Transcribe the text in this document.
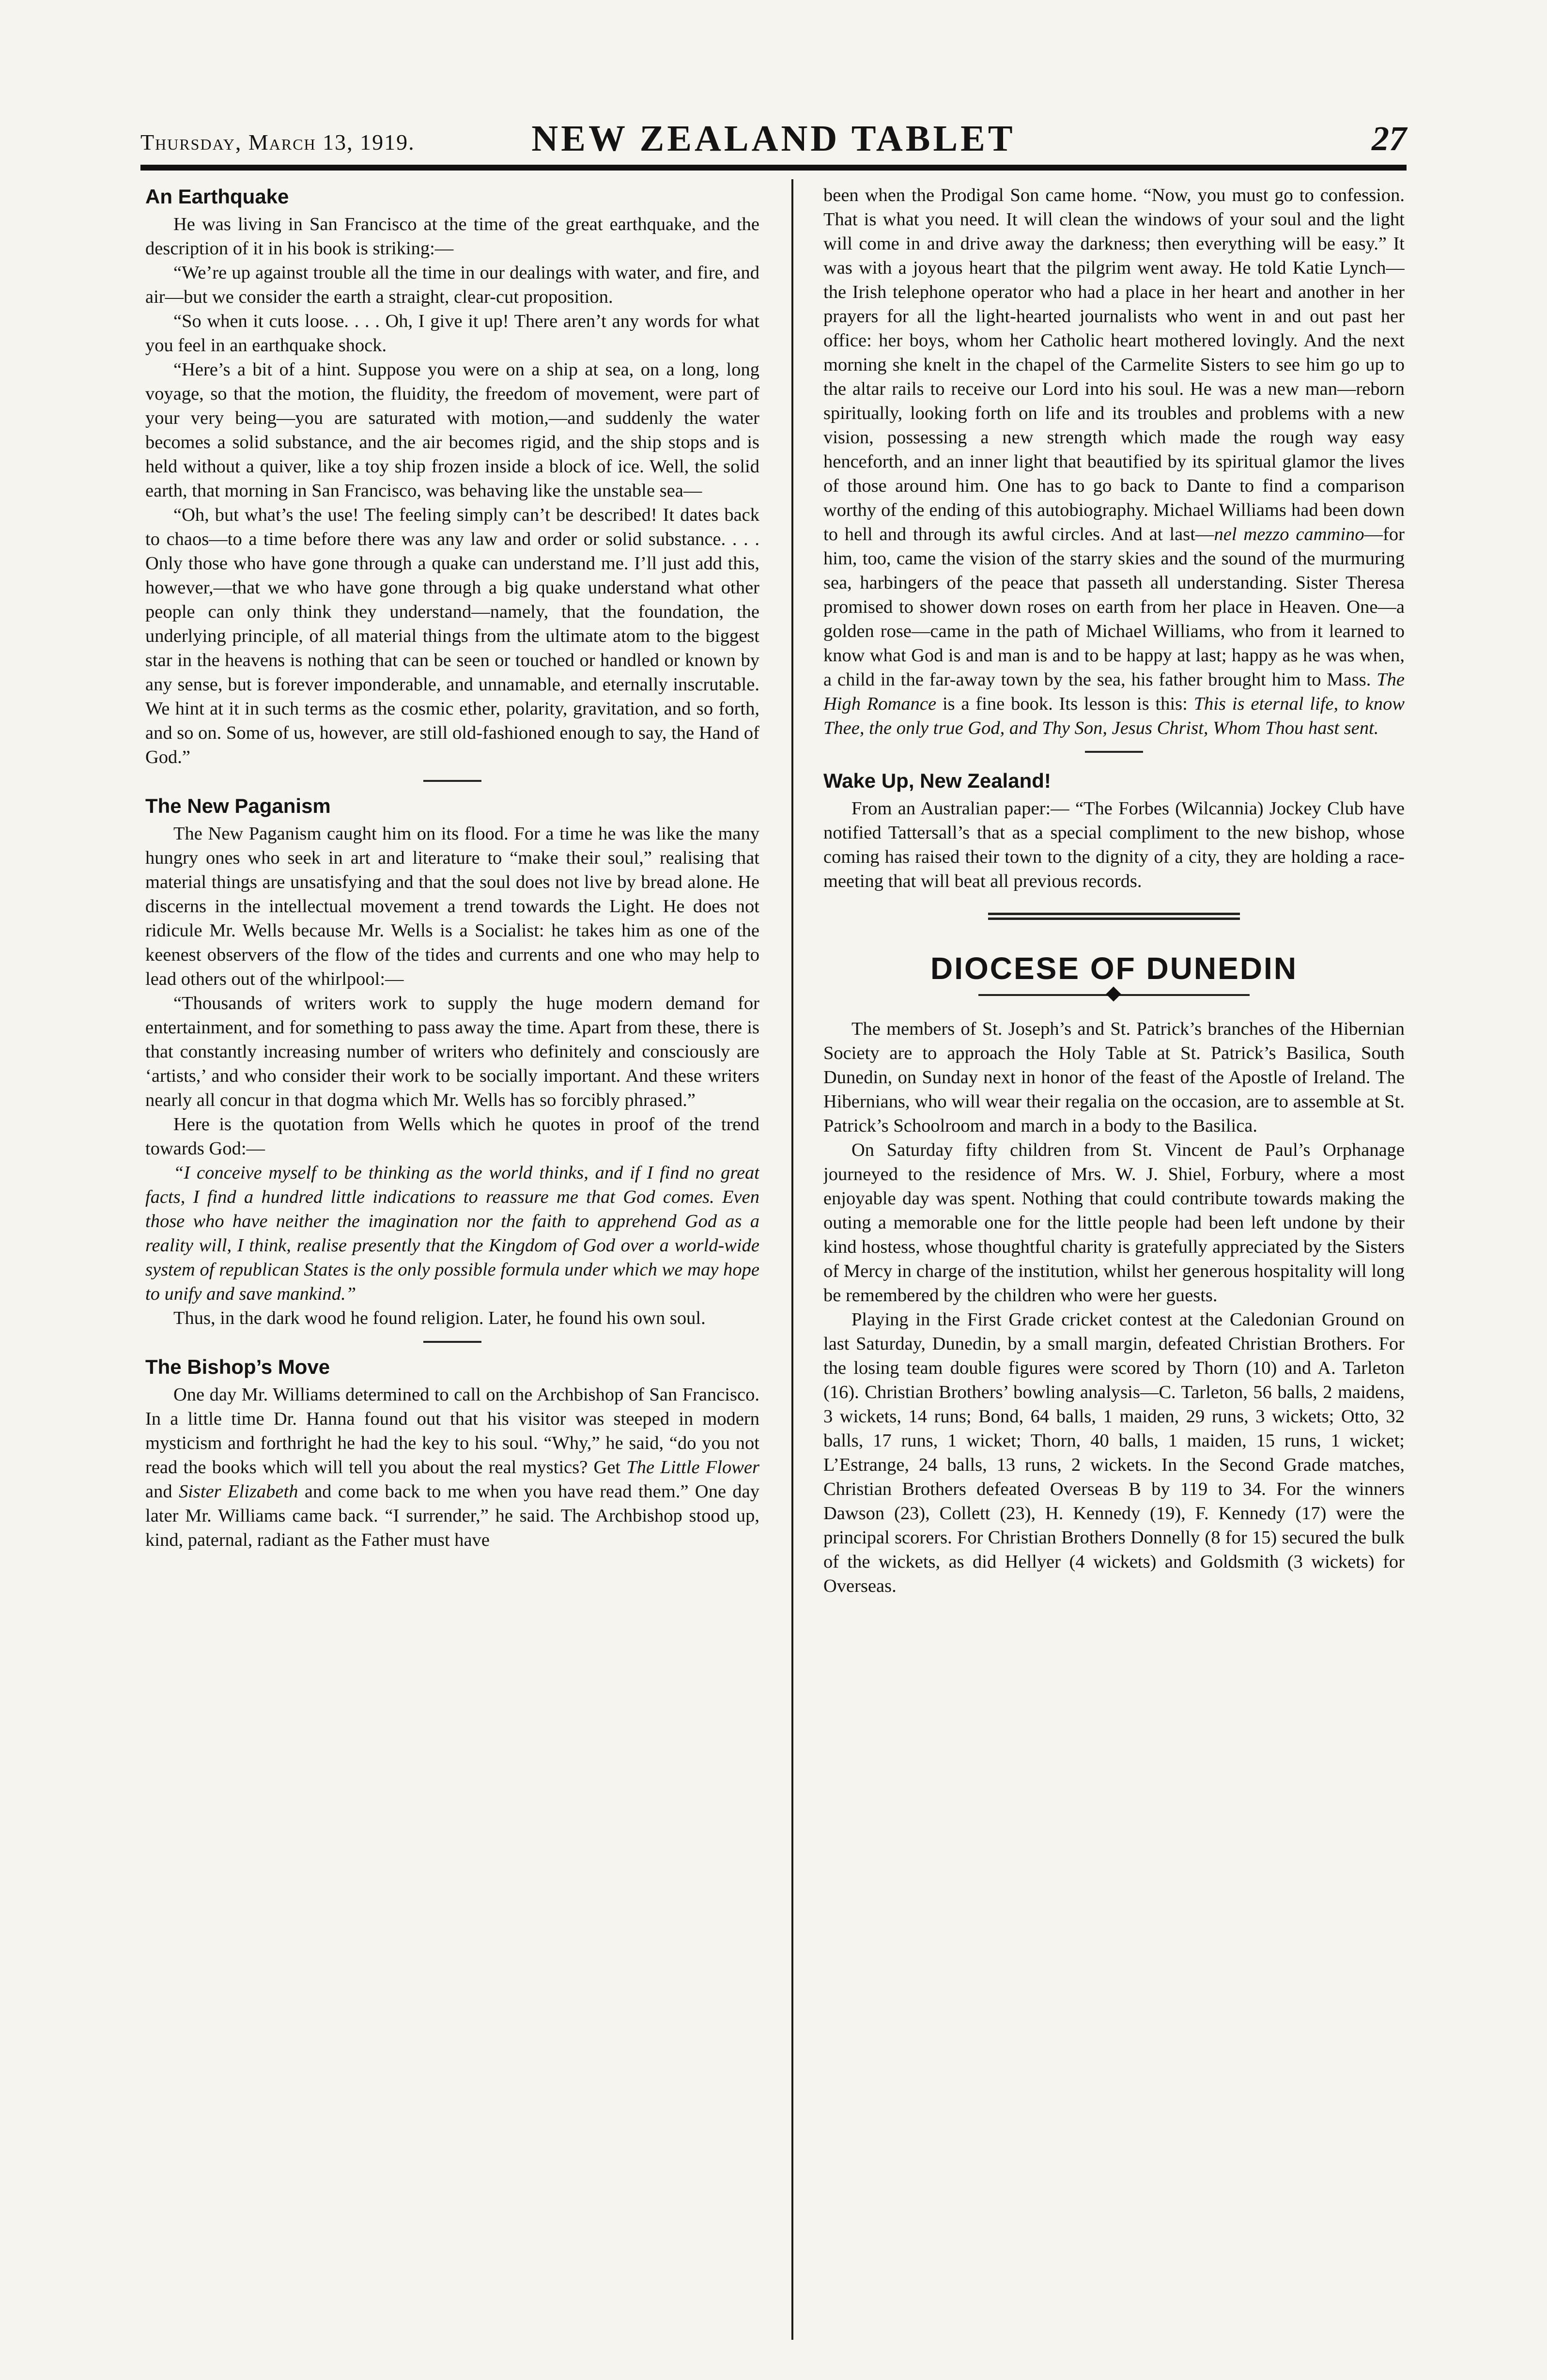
Thursday, March 13, 1919.	NEW ZEALAND TABLET	27
An Earthquake

He was living in San Francisco at the time of the great earthquake, and the description of it in his book is striking:—

“We’re up against trouble all the time in our dealings with water, and fire, and air—but we consider the earth a straight, clear-cut proposition.

“So when it cuts loose. . . . Oh, I give it up! There aren’t any words for what you feel in an earthquake shock.

“Here’s a bit of a hint. Suppose you were on a ship at sea, on a long, long voyage, so that the motion, the fluidity, the freedom of movement, were part of your very being—you are saturated with motion,—and suddenly the water becomes a solid substance, and the air becomes rigid, and the ship stops and is held without a quiver, like a toy ship frozen inside a block of ice. Well, the solid earth, that morning in San Francisco, was behaving like the unstable sea—

“Oh, but what’s the use! The feeling simply can’t be described! It dates back to chaos—to a time before there was any law and order or solid substance. . . . Only those who have gone through a quake can understand me. I’ll just add this, however,—that we who have gone through a big quake understand what other people can only think they understand—namely, that the foundation, the underlying principle, of all material things from the ultimate atom to the biggest star in the heavens is nothing that can be seen or touched or handled or known by any sense, but is forever imponderable, and unnamable, and eternally inscrutable. We hint at it in such terms as the cosmic ether, polarity, gravitation, and so forth, and so on. Some of us, however, are still old-fashioned enough to say, the Hand of God.”

The New Paganism

The New Paganism caught him on its flood. For a time he was like the many hungry ones who seek in art and literature to “make their soul,” realising that material things are unsatisfying and that the soul does not live by bread alone. He discerns in the intellectual movement a trend towards the Light. He does not ridicule Mr. Wells because Mr. Wells is a Socialist: he takes him as one of the keenest observers of the flow of the tides and currents and one who may help to lead others out of the whirlpool:—

“Thousands of writers work to supply the huge modern demand for entertainment, and for something to pass away the time. Apart from these, there is that constantly increasing number of writers who definitely and consciously are ‘artists,’ and who consider their work to be socially important. And these writers nearly all concur in that dogma which Mr. Wells has so forcibly phrased.”

Here is the quotation from Wells which he quotes in proof of the trend towards God:—

“I conceive myself to be thinking as the world thinks, and if I find no great facts, I find a hundred little indications to reassure me that God comes. Even those who have neither the imagination nor the faith to apprehend God as a reality will, I think, realise presently that the Kingdom of God over a world-wide system of republican States is the only possible formula under which we may hope to unify and save mankind.”

Thus, in the dark wood he found religion. Later, he found his own soul.

The Bishop’s Move

One day Mr. Williams determined to call on the Archbishop of San Francisco. In a little time Dr. Hanna found out that his visitor was steeped in modern mysticism and forthright he had the key to his soul. “Why,” he said, “do you not read the books which will tell you about the real mystics? Get The Little Flower and Sister Elizabeth and come back to me when you have read them.” One day later Mr. Williams came back. “I surrender,” he said. The Archbishop stood up, kind, paternal, radiant as the Father must have

been when the Prodigal Son came home. “Now, you must go to confession. That is what you need. It will clean the windows of your soul and the light will come in and drive away the darkness; then everything will be easy.” It was with a joyous heart that the pilgrim went away. He told Katie Lynch—the Irish telephone operator who had a place in her heart and another in her prayers for all the light-hearted journalists who went in and out past her office: her boys, whom her Catholic heart mothered lovingly. And the next morning she knelt in the chapel of the Carmelite Sisters to see him go up to the altar rails to receive our Lord into his soul. He was a new man—reborn spiritually, looking forth on life and its troubles and problems with a new vision, possessing a new strength which made the rough way easy henceforth, and an inner light that beautified by its spiritual glamor the lives of those around him. One has to go back to Dante to find a comparison worthy of the ending of this autobiography. Michael Williams had been down to hell and through its awful circles. And at last—nel mezzo cammino—for him, too, came the vision of the starry skies and the sound of the murmuring sea, harbingers of the peace that passeth all understanding. Sister Theresa promised to shower down roses on earth from her place in Heaven. One—a golden rose—came in the path of Michael Williams, who from it learned to know what God is and man is and to be happy at last; happy as he was when, a child in the far-away town by the sea, his father brought him to Mass. The High Romance is a fine book. Its lesson is this: This is eternal life, to know Thee, the only true God, and Thy Son, Jesus Christ, Whom Thou hast sent.

Wake Up, New Zealand!

From an Australian paper:— “The Forbes (Wilcannia) Jockey Club have notified Tattersall’s that as a special compliment to the new bishop, whose coming has raised their town to the dignity of a city, they are holding a race-meeting that will beat all previous records.

DIOCESE OF DUNEDIN

The members of St. Joseph’s and St. Patrick’s branches of the Hibernian Society are to approach the Holy Table at St. Patrick’s Basilica, South Dunedin, on Sunday next in honor of the feast of the Apostle of Ireland. The Hibernians, who will wear their regalia on the occasion, are to assemble at St. Patrick’s Schoolroom and march in a body to the Basilica.

On Saturday fifty children from St. Vincent de Paul’s Orphanage journeyed to the residence of Mrs. W. J. Shiel, Forbury, where a most enjoyable day was spent. Nothing that could contribute towards making the outing a memorable one for the little people had been left undone by their kind hostess, whose thoughtful charity is gratefully appreciated by the Sisters of Mercy in charge of the institution, whilst her generous hospitality will long be remembered by the children who were her guests.

Playing in the First Grade cricket contest at the Caledonian Ground on last Saturday, Dunedin, by a small margin, defeated Christian Brothers. For the losing team double figures were scored by Thorn (10) and A. Tarleton (16). Christian Brothers’ bowling analysis—C. Tarleton, 56 balls, 2 maidens, 3 wickets, 14 runs; Bond, 64 balls, 1 maiden, 29 runs, 3 wickets; Otto, 32 balls, 17 runs, 1 wicket; Thorn, 40 balls, 1 maiden, 15 runs, 1 wicket; L’Estrange, 24 balls, 13 runs, 2 wickets. In the Second Grade matches, Christian Brothers defeated Overseas B by 119 to 34. For the winners Dawson (23), Collett (23), H. Kennedy (19), F. Kennedy (17) were the principal scorers. For Christian Brothers Donnelly (8 for 15) secured the bulk of the wickets, as did Hellyer (4 wickets) and Goldsmith (3 wickets) for Overseas.
